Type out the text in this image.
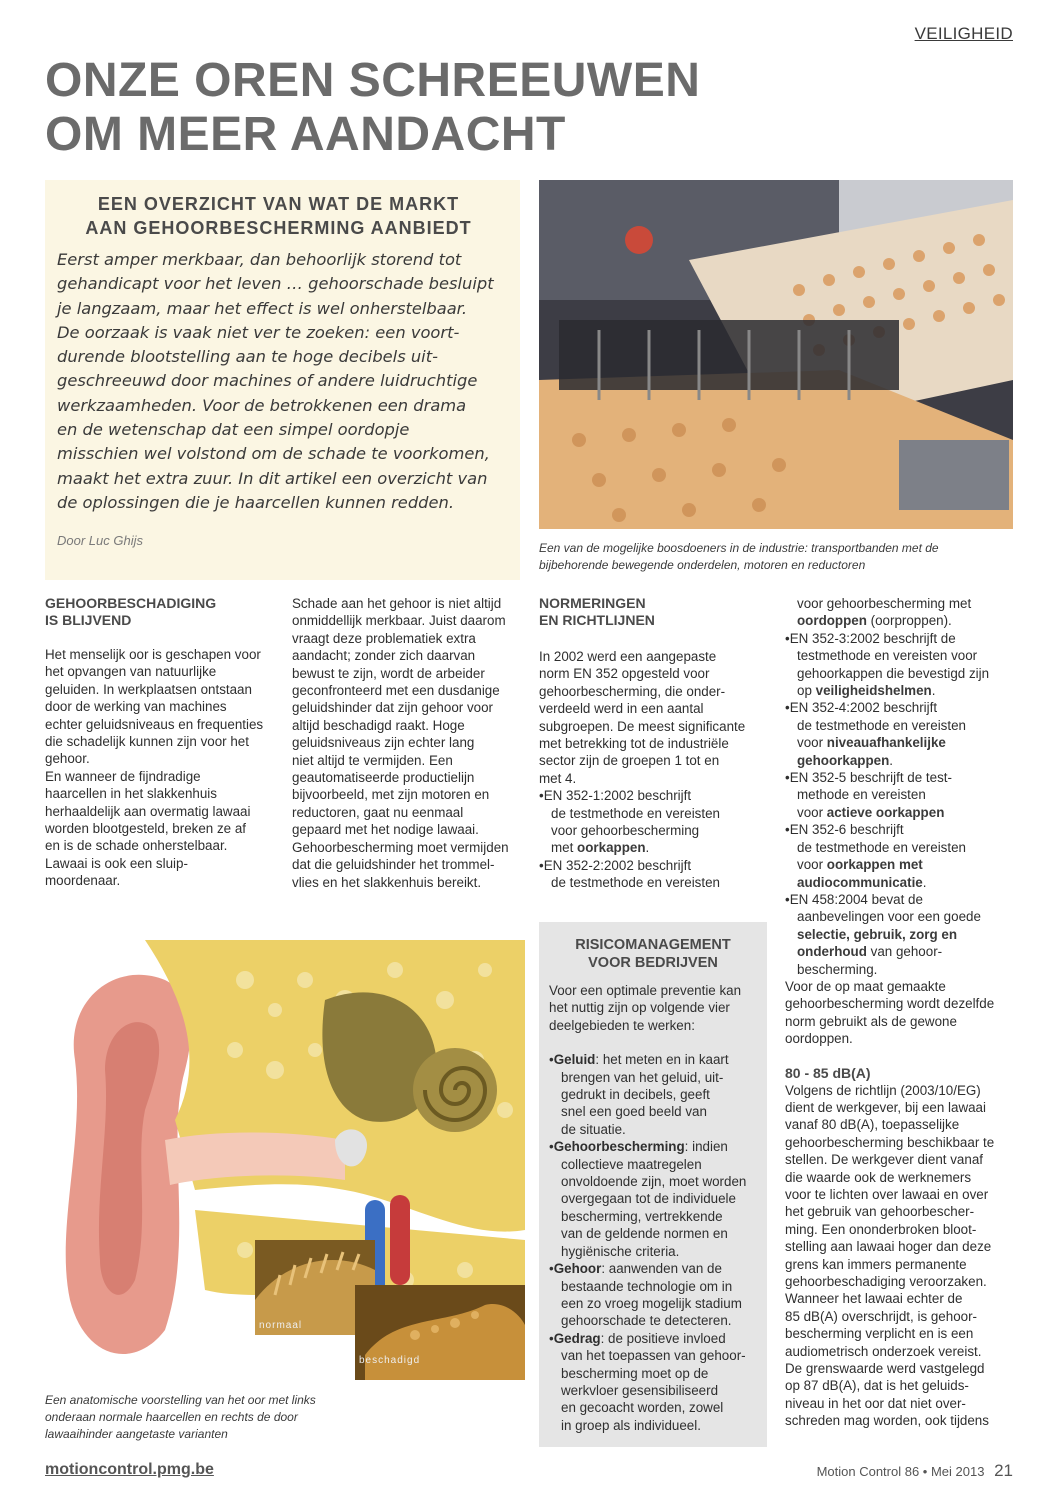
VEILIGHEID
ONZE OREN SCHREEUWEN
OM MEER AANDACHT
EEN OVERZICHT VAN WAT DE MARKT
AAN GEHOORBESCHERMING AANBIEDT
Eerst amper merkbaar, dan behoorlijk storend tot
gehandicapt voor het leven … gehoorschade besluipt
je langzaam, maar het effect is wel onherstelbaar.
De oorzaak is vaak niet ver te zoeken: een voort-
durende blootstelling aan te hoge decibels uit-
geschreeuwd door machines of andere luidruchtige
werkzaamheden. Voor de betrokkenen een drama
en de wetenschap dat een simpel oordopje
misschien wel volstond om de schade te voorkomen,
maakt het extra zuur. In dit artikel een overzicht van
de oplossingen die je haarcellen kunnen redden.
Door Luc Ghijs	Een van de mogelijke boosdoeners in de industrie: transportbanden met de
bijbehorende bewegende onderdelen, motoren en reductoren
GEHOORBESCHADIGING
IS BLIJVEND
Het menselijk oor is geschapen voor
het opvangen van natuurlijke
geluiden. In werkplaatsen ontstaan
door de werking van machines
echter geluidsniveaus en frequenties
die schadelijk kunnen zijn voor het
gehoor.
En wanneer de fijndradige
haarcellen in het slakkenhuis
herhaaldelijk aan overmatig lawaai
worden blootgesteld, breken ze af
en is de schade onherstelbaar.
Lawaai is ook een sluip-
moordenaar.
Schade aan het gehoor is niet altijd
onmiddellijk merkbaar. Juist daarom
vraagt deze problematiek extra
aandacht; zonder zich daarvan
bewust te zijn, wordt de arbeider
geconfronteerd met een dusdanige
geluidshinder dat zijn gehoor voor
altijd beschadigd raakt. Hoge
geluidsniveaus zijn echter lang
niet altijd te vermijden. Een
geautomatiseerde productielijn
bijvoorbeeld, met zijn motoren en
reductoren, gaat nu eenmaal
gepaard met het nodige lawaai.
Gehoorbescherming moet vermijden
dat die geluidshinder het trommel-
vlies en het slakkenhuis bereikt.
NORMERINGEN
EN RICHTLIJNEN
In 2002 werd een aangepaste
norm EN 352 opgesteld voor
gehoorbescherming, die onder-
verdeeld werd in een aantal
subgroepen. De meest significante
met betrekking tot de industriële
sector zijn de groepen 1 tot en
met 4.
•EN 352-1:2002 beschrijft
de testmethode en vereisten
voor gehoorbescherming
met oorkappen.
•EN 352-2:2002 beschrijft
de testmethode en vereisten
voor gehoorbescherming met
oordoppen (oorproppen).
•EN 352-3:2002 beschrijft de
testmethode en vereisten voor
gehoorkappen die bevestigd zijn
op veiligheidshelmen.
•EN 352-4:2002 beschrijft
de testmethode en vereisten
voor niveauafhankelijke
gehoorkappen.
•EN 352-5 beschrijft de test-
methode en vereisten
voor actieve oorkappen
•EN 352-6 beschrijft
de testmethode en vereisten
voor oorkappen met
audiocommunicatie.
•EN 458:2004 bevat de
aanbevelingen voor een goede
selectie, gebruik, zorg en
onderhoud van gehoor-
bescherming.
Voor de op maat gemaakte
gehoorbescherming wordt dezelfde
norm gebruikt als de gewone
oordoppen.
80 - 85 dB(A)
Volgens de richtlijn (2003/10/EG)
dient de werkgever, bij een lawaai
vanaf 80 dB(A), toepasselijke
gehoorbescherming beschikbaar te
stellen. De werkgever dient vanaf
die waarde ook de werknemers
voor te lichten over lawaai en over
het gebruik van gehoorbescher-
ming. Een ononderbroken bloot-
stelling aan lawaai hoger dan deze
grens kan immers permanente
gehoorbeschadiging veroorzaken.
Wanneer het lawaai echter de
85 dB(A) overschrijdt, is gehoor-
bescherming verplicht en is een
audiometrisch onderzoek vereist.
De grenswaarde werd vastgelegd
op 87 dB(A), dat is het geluids-
niveau in het oor dat niet over-
schreden mag worden, ook tijdens
RISICOMANAGEMENT
VOOR BEDRIJVEN
Voor een optimale preventie kan
het nuttig zijn op volgende vier
deelgebieden te werken:
•Geluid: het meten en in kaart
brengen van het geluid, uit-
gedrukt in decibels, geeft
snel een goed beeld van
de situatie.
•Gehoorbescherming: indien
collectieve maatregelen
onvoldoende zijn, moet worden
overgegaan tot de individuele
bescherming, vertrekkende
van de geldende normen en
hygiënische criteria.
•Gehoor: aanwenden van de
bestaande technologie om in
een zo vroeg mogelijk stadium
gehoorschade te detecteren.
•Gedrag: de positieve invloed
van het toepassen van gehoor-
bescherming moet op de
werkvloer gesensibiliseerd
en gecoacht worden, zowel
in groep als individueel.
normaal
beschadigd
Een anatomische voorstelling van het oor met links
onderaan normale haarcellen en rechts de door
lawaaihinder aangetaste varianten
motioncontrol.pmg.be	Motion Control 86 • Mei 2013 21
